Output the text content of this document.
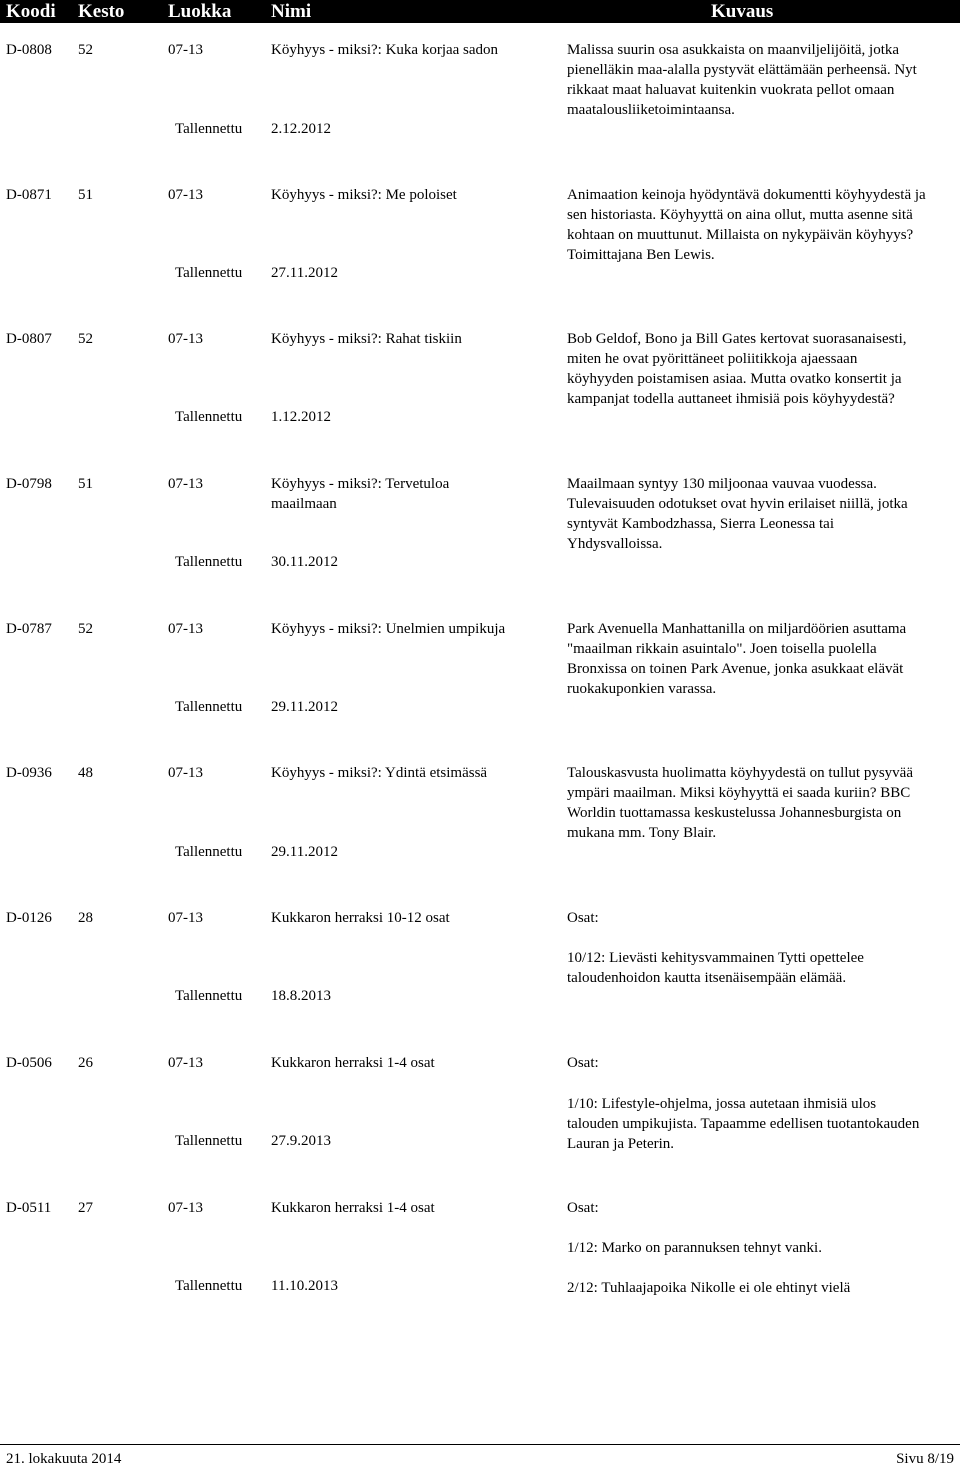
Koodi Kesto Luokka Nimi	Kuvaus
D-0808 52	07-13	Köyhyys - miksi?: Kuka korjaa sadon
Tallennettu 2.12.2012
Malissa suurin osa asukkaista on maanviljelijöitä, jotka pienelläkin maa-alalla pystyvät elättämään perheensä. Nyt rikkaat maat haluavat kuitenkin vuokrata pellot omaan maatalousliiketoimintaansa.
D-0871 51	07-13	Köyhyys - miksi?: Me poloiset
Tallennettu 27.11.2012
Animaation keinoja hyödyntävä dokumentti köyhyydestä ja sen historiasta. Köyhyyttä on aina ollut, mutta asenne sitä kohtaan on muuttunut. Millaista on nykypäivän köyhyys? Toimittajana Ben Lewis.
D-0807 52	07-13	Köyhyys - miksi?: Rahat tiskiin
Tallennettu 1.12.2012
Bob Geldof, Bono ja Bill Gates kertovat suorasanaisesti, miten he ovat pyörittäneet poliitikkoja ajaessaan köyhyyden poistamisen asiaa. Mutta ovatko konsertit ja kampanjat todella auttaneet ihmisiä pois köyhyydestä?
D-0798 51	07-13	Köyhyys - miksi?: Tervetuloa maailmaan
Tallennettu 30.11.2012
Maailmaan syntyy 130 miljoonaa vauvaa vuodessa. Tulevaisuuden odotukset ovat hyvin erilaiset niillä, jotka syntyvät Kambodzhassa, Sierra Leonessa tai Yhdysvalloissa.
D-0787 52	07-13	Köyhyys - miksi?: Unelmien umpikuja
Tallennettu 29.11.2012
Park Avenuella Manhattanilla on miljardöörien asuttama "maailman rikkain asuintalo". Joen toisella puolella Bronxissa on toinen Park Avenue, jonka asukkaat elävät ruokakuponkien varassa.
D-0936 48	07-13	Köyhyys - miksi?: Ydintä etsimässä
Tallennettu 29.11.2012
Talouskasvusta huolimatta köyhyydestä on tullut pysyvää ympäri maailman. Miksi köyhyyttä ei saada kuriin? BBC Worldin tuottamassa keskustelussa Johannesburgista on mukana mm. Tony Blair.
D-0126 28	07-13	Kukkaron herraksi 10-12 osat
Tallennettu 18.8.2013
Osat:
10/12: Lievästi kehitysvammainen Tytti opettelee taloudenhoidon kautta itsenäisempään elämää.
D-0506 26	07-13	Kukkaron herraksi 1-4 osat
Tallennettu 27.9.2013
Osat:
1/10: Lifestyle-ohjelma, jossa autetaan ihmisiä ulos talouden umpikujista. Tapaamme edellisen tuotantokauden Lauran ja Peterin.
D-0511 27	07-13	Kukkaron herraksi 1-4 osat
Tallennettu 11.10.2013
Osat:
1/12: Marko on parannuksen tehnyt vanki.
2/12: Tuhlaajapoika Nikolle ei ole ehtinyt vielä
21. lokakuuta 2014	Sivu 8/19
